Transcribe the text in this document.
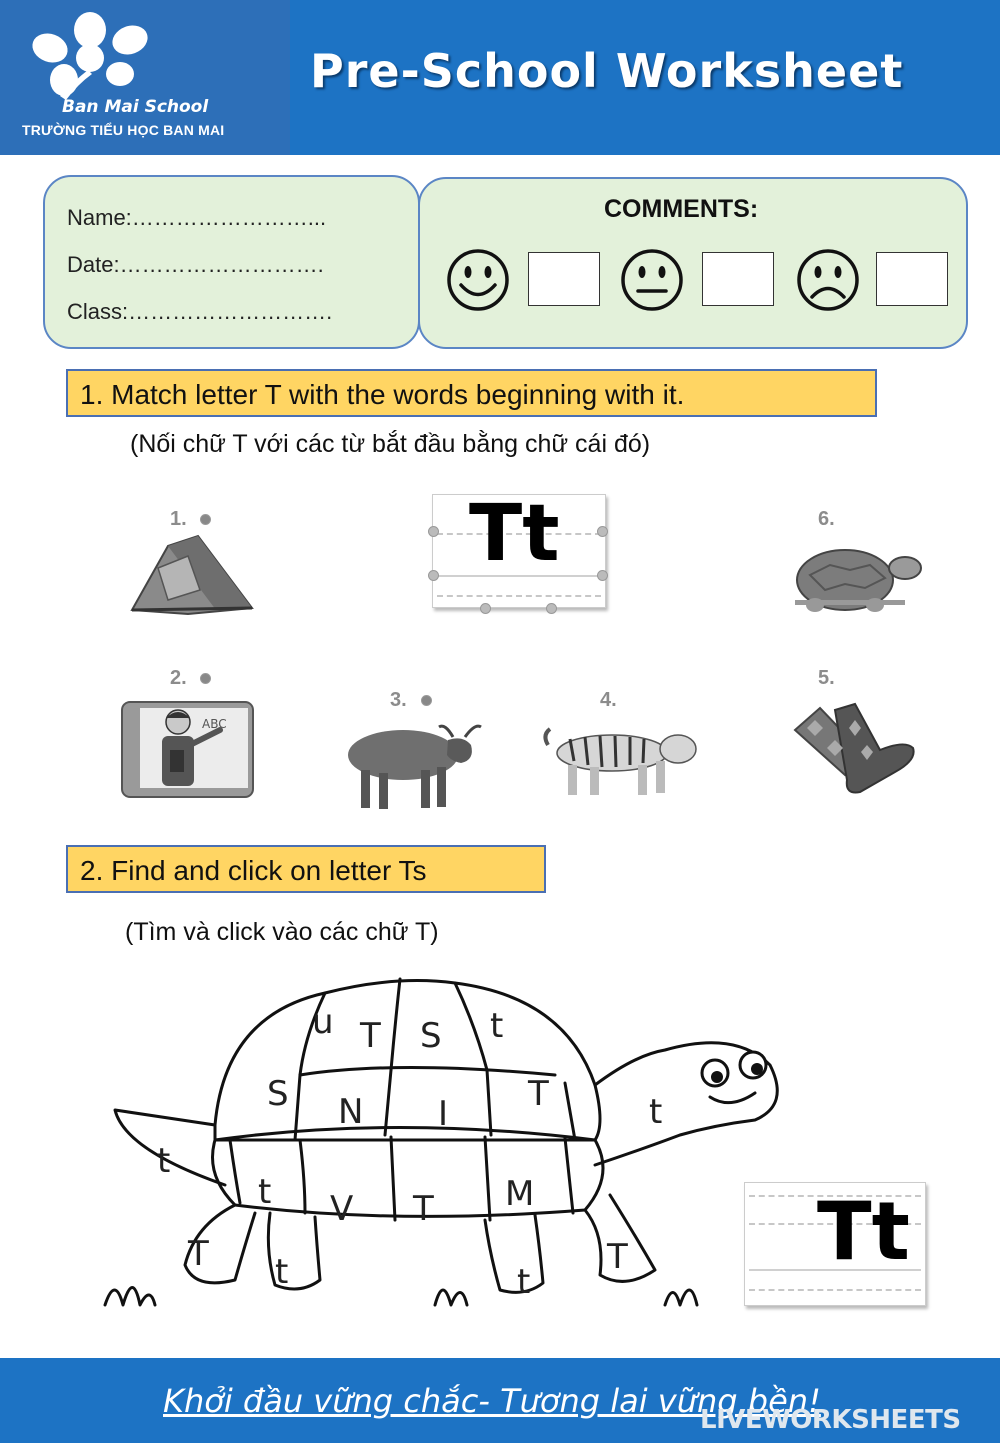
Ban Mai School
TRƯỜNG TIỂU HỌC BAN MAI
Pre-School Worksheet
Name:……………………...
Date:……………………….
Class:……………………….
COMMENTS:
1. Match letter T with the words beginning with it.
(Nối chữ T với các từ bắt đầu bằng chữ cái đó)
Tt
1.	6.
2.
ABC
3.	4.
5.
2. Find and click on letter Ts
(Tìm và click vào các chữ T)
u T S t
S N I T
t V T M
t
t
T t	t
T Tt
Khởi đầu vững chắc- Tương lai vững bền!
LIVEWORKSHEETS
